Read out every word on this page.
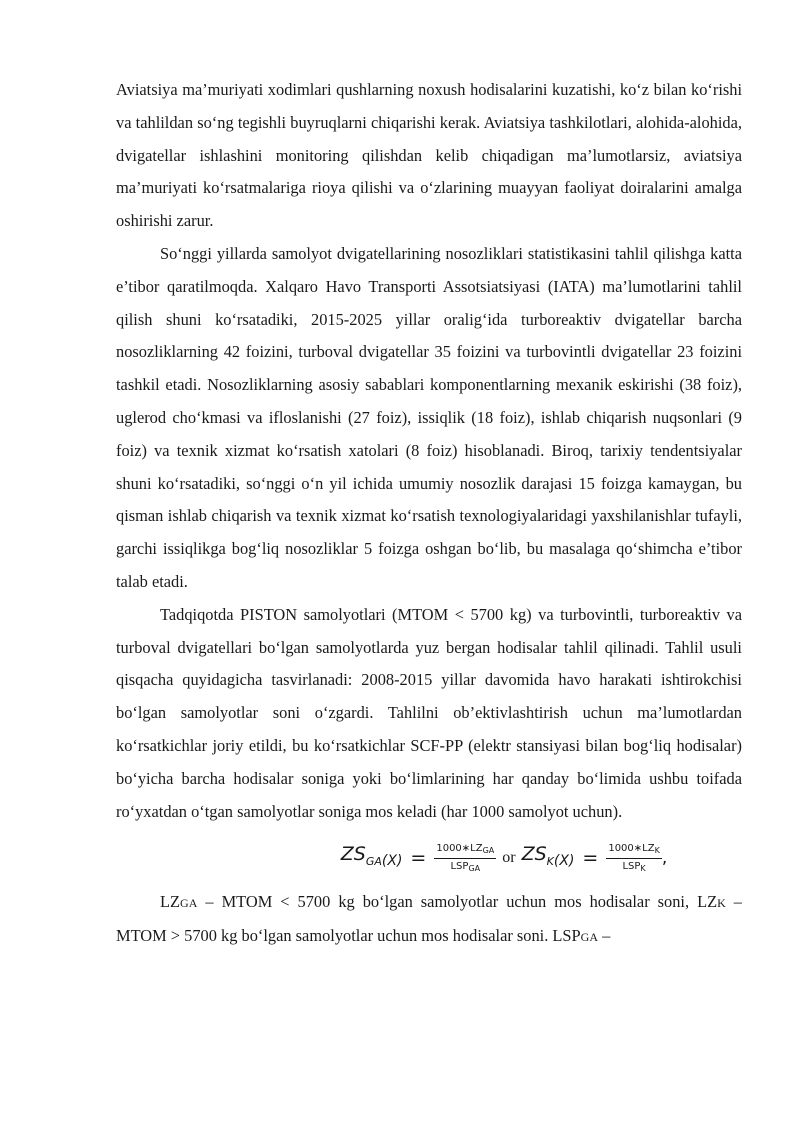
Aviatsiya ma’muriyati xodimlari qushlarning noxush hodisalarini kuzatishi, ko‘z bilan ko‘rishi va tahlildan so‘ng tegishli buyruqlarni chiqarishi kerak. Aviatsiya tashkilotlari, alohida-alohida, dvigatellar ishlashini monitoring qilishdan kelib chiqadigan ma’lumotlarsiz, aviatsiya ma’muriyati ko‘rsatmalariga rioya qilishi va o‘zlarining muayyan faoliyat doiralarini amalga oshirishi zarur.

So‘nggi yillarda samolyot dvigatellarining nosozliklari statistikasini tahlil qilishga katta e’tibor qaratilmoqda. Xalqaro Havo Transporti Assotsiatsiyasi (IATA) ma’lumotlarini tahlil qilish shuni ko‘rsatadiki, 2015-2025 yillar oralig‘ida turboreaktiv dvigatellar barcha nosozliklarning 42 foizini, turboval dvigatellar 35 foizini va turbovintli dvigatellar 23 foizini tashkil etadi. Nosozliklarning asosiy sabablari komponentlarning mexanik eskirishi (38 foiz), uglerod cho‘kmasi va ifloslanishi (27 foiz), issiqlik (18 foiz), ishlab chiqarish nuqsonlari (9 foiz) va texnik xizmat ko‘rsatish xatolari (8 foiz) hisoblanadi. Biroq, tarixiy tendentsiyalar shuni ko‘rsatadiki, so‘nggi o‘n yil ichida umumiy nosozlik darajasi 15 foizga kamaygan, bu qisman ishlab chiqarish va texnik xizmat ko‘rsatish texnologiyalaridagi yaxshilanishlar tufayli, garchi issiqlikga bog‘liq nosozliklar 5 foizga oshgan bo‘lib, bu masalaga qo‘shimcha e’tibor talab etadi.

Tadqiqotda PISTON samolyotlari (MTOM < 5700 kg) va turbovintli, turboreaktiv va turboval dvigatellari bo‘lgan samolyotlarda yuz bergan hodisalar tahlil qilinadi. Tahlil usuli qisqacha quyidagicha tasvirlanadi: 2008-2015 yillar davomida havo harakati ishtirokchisi bo‘lgan samolyotlar soni o‘zgardi. Tahlilni ob’ektivlashtirish uchun ma’lumotlardan ko‘rsatkichlar joriy etildi, bu ko‘rsatkichlar SCF-PP (elektr stansiyasi bilan bog‘liq hodisalar) bo‘yicha barcha hodisalar soniga yoki bo‘limlarining har qanday bo‘limida ushbu toifada ro‘yxatdan o‘tgan samolyotlar soniga mos keladi (har 1000 samolyot uchun).

$ZS_{GA(X)} = \frac{1000∗LZ_{GA}}{LSP_{GA}}$ or $ZS_{K(X)} = \frac{1000∗LZ_K}{LSP_K}$ ,

LZGA – MTOM < 5700 kg bo‘lgan samolyotlar uchun mos hodisalar soni, LZK – MTOM > 5700 kg bo‘lgan samolyotlar uchun mos hodisalar soni. LSPGA –
